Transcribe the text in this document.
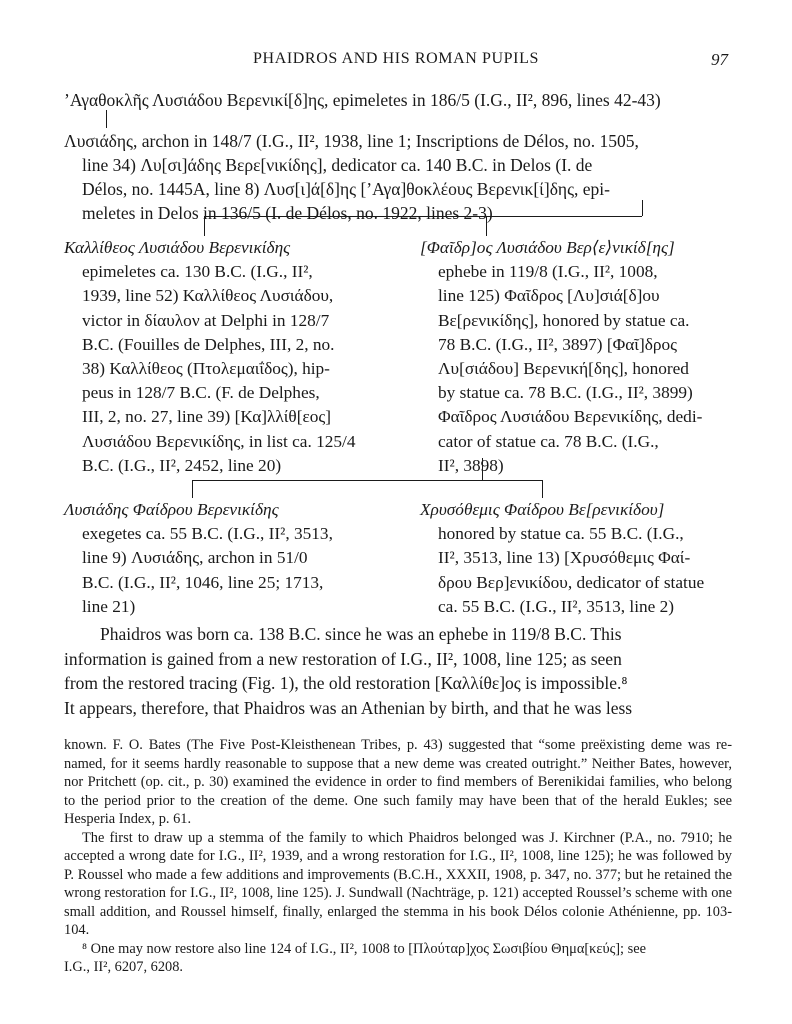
PHAIDROS AND HIS ROMAN PUPILS	97
ʼΑγαθοκλῆς Λυσιάδου Βερενικί[δ]ης, epimeletes in 186/5 (I.G., II², 896, lines 42-43)
Λυσιάδης, archon in 148/7 (I.G., II², 1938, line 1; Inscriptions de Délos, no. 1505,
line 34) Λυ[σι]άδης Βερε[νικίδης], dedicator ca. 140 B.C. in Delos (I. de
Délos, no. 1445A, line 8) Λυσ[ι]ά[δ]ης [ʼΑγα]θοκλέους Βερενικ[ί]δης, epi-
meletes in Delos in 136/5 (I. de Délos, no. 1922, lines 2-3)
Καλλίθεος Λυσιάδου Βερενικίδης
epimeletes ca. 130 B.C. (I.G., II²,
1939, line 52) Καλλίθεος Λυσιάδου,
victor in δίαυλον at Delphi in 128/7
B.C. (Fouilles de Delphes, III, 2, no.
38) Καλλίθεος (Πτολεμαιΐδος), hip-
peus in 128/7 B.C. (F. de Delphes,
III, 2, no. 27, line 39) [Κα]λλίθ[εος]
Λυσιάδου Βερενικίδης, in list ca. 125/4
B.C. (I.G., II², 2452, line 20)
[Φαῖδρ]ος Λυσιάδου Βερ⟨ε⟩νικίδ[ης]
ephebe in 119/8 (I.G., II², 1008,
line 125) Φαῖδρος [Λυ]σιά[δ]ου
Βε[ρενικίδης], honored by statue ca.
78 B.C. (I.G., II², 3897) [Φαῖ]δρος
Λυ[σιάδου] Βερενική[δης], honored
by statue ca. 78 B.C. (I.G., II², 3899)
Φαῖδρος Λυσιάδου Βερενικίδης, dedi-
cator of statue ca. 78 B.C. (I.G.,
II², 3898)
Λυσιάδης Φαίδρου Βερενικίδης
exegetes ca. 55 B.C. (I.G., II², 3513,
line 9) Λυσιάδης, archon in 51/0
B.C. (I.G., II², 1046, line 25; 1713,
line 21)
Χρυσόθεμις Φαίδρου Βε[ρενικίδου]
honored by statue ca. 55 B.C. (I.G.,
II², 3513, line 13) [Χρυσόθεμις Φαί-
δρου Βερ]ενικίδου, dedicator of statue
ca. 55 B.C. (I.G., II², 3513, line 2)
Phaidros was born ca. 138 B.C. since he was an ephebe in 119/8 B.C. This
information is gained from a new restoration of I.G., II², 1008, line 125; as seen
from the restored tracing (Fig. 1), the old restoration [Καλλίθε]ος is impossible.⁸
It appears, therefore, that Phaidros was an Athenian by birth, and that he was less

known. F. O. Bates (The Five Post-Kleisthenean Tribes, p. 43) suggested that “some preëxisting deme was re-named, for it seems hardly reasonable to suppose that a new deme was created outright.” Neither Bates, however, nor Pritchett (op. cit., p. 30) examined the evidence in order to find members of Berenikidai families, who belong to the period prior to the creation of the deme. One such family may have been that of the herald Eukles; see Hesperia Index, p. 61.

The first to draw up a stemma of the family to which Phaidros belonged was J. Kirchner (P.A., no. 7910; he accepted a wrong date for I.G., II², 1939, and a wrong restoration for I.G., II², 1008, line 125); he was followed by P. Roussel who made a few additions and improvements (B.C.H., XXXII, 1908, p. 347, no. 377; but he retained the wrong restoration for I.G., II², 1008, line 125). J. Sundwall (Nachträge, p. 121) accepted Roussel’s scheme with one small addition, and Roussel himself, finally, enlarged the stemma in his book Délos colonie Athénienne, pp. 103-104.

⁸ One may now restore also line 124 of I.G., II², 1008 to [Πλούταρ]χος Σωσιβίου Θημα[κεύς]; see

I.G., II², 6207, 6208.
